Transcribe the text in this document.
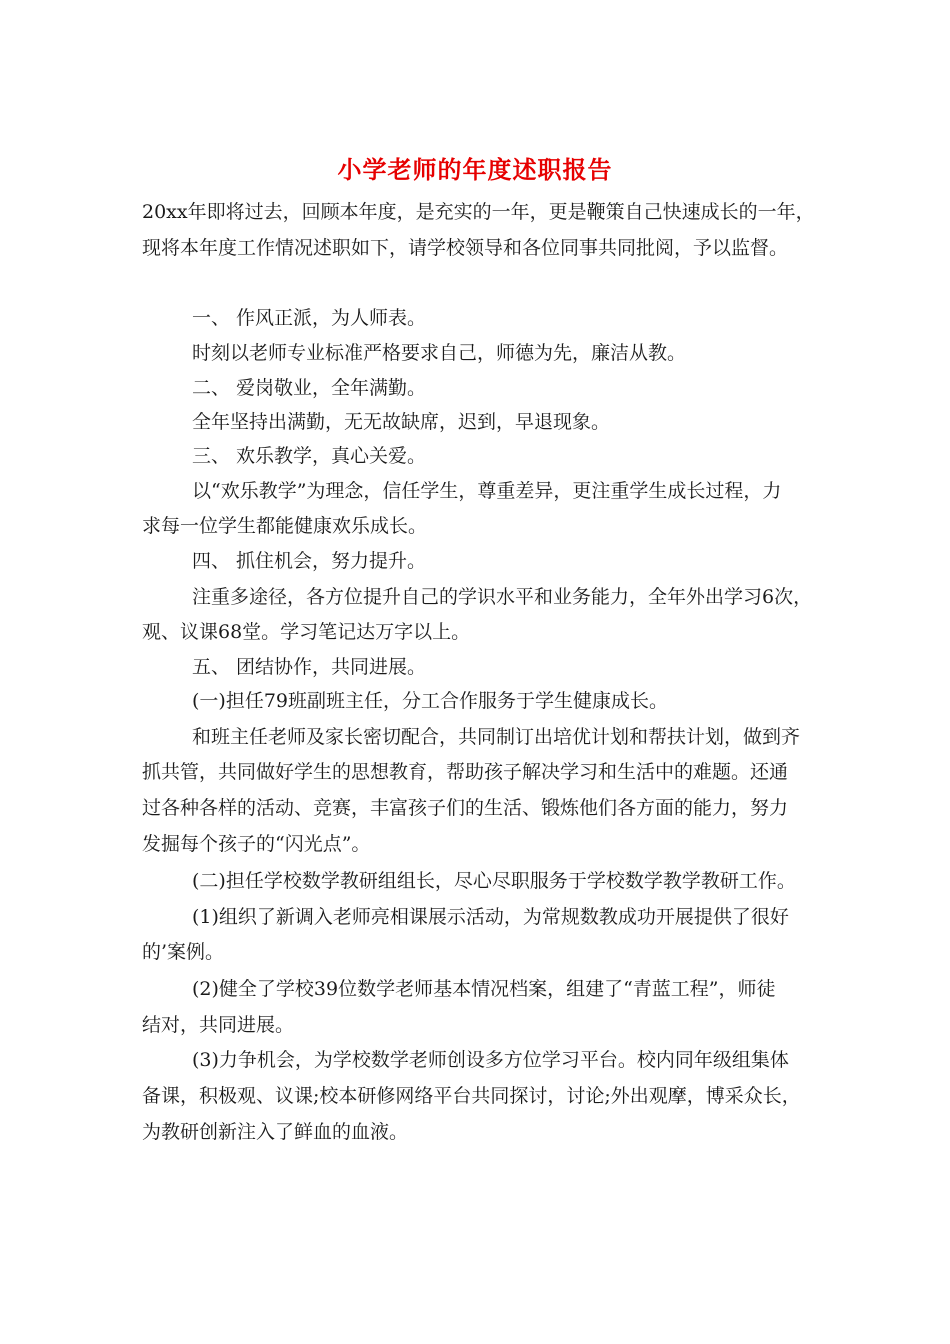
小学老师的年度述职报告
20xx年即将过去，回顾本年度，是充实的一年，更是鞭策自己快速成长的一年，
现将本年度工作情况述职如下，请学校领导和各位同事共同批阅，予以监督。
一、 作风正派，为人师表。
时刻以老师专业标准严格要求自己，师德为先，廉洁从教。
二、 爱岗敬业，全年满勤。
全年坚持出满勤，无无故缺席，迟到，早退现象。
三、 欢乐教学，真心关爱。
以“欢乐教学”为理念，信任学生，尊重差异，更注重学生成长过程，力
求每一位学生都能健康欢乐成长。
四、 抓住机会，努力提升。
注重多途径，各方位提升自己的学识水平和业务能力，全年外出学习6次，
观、议课68堂。学习笔记达万字以上。
五、 团结协作，共同进展。
(一)担任79班副班主任，分工合作服务于学生健康成长。
和班主任老师及家长密切配合，共同制订出培优计划和帮扶计划，做到齐
抓共管，共同做好学生的思想教育，帮助孩子解决学习和生活中的难题。还通
过各种各样的活动、竞赛，丰富孩子们的生活、锻炼他们各方面的能力，努力
发掘每个孩子的“闪光点”。
(二)担任学校数学教研组组长，尽心尽职服务于学校数学教学教研工作。
(1)组织了新调入老师亮相课展示活动，为常规数教成功开展提供了很好
的’案例。
(2)健全了学校39位数学老师基本情况档案，组建了“青蓝工程”，师徒
结对，共同进展。
(3)力争机会，为学校数学老师创设多方位学习平台。校内同年级组集体
备课，积极观、议课;校本研修网络平台共同探讨，讨论;外出观摩，博采众长，
为教研创新注入了鲜血的血液。
